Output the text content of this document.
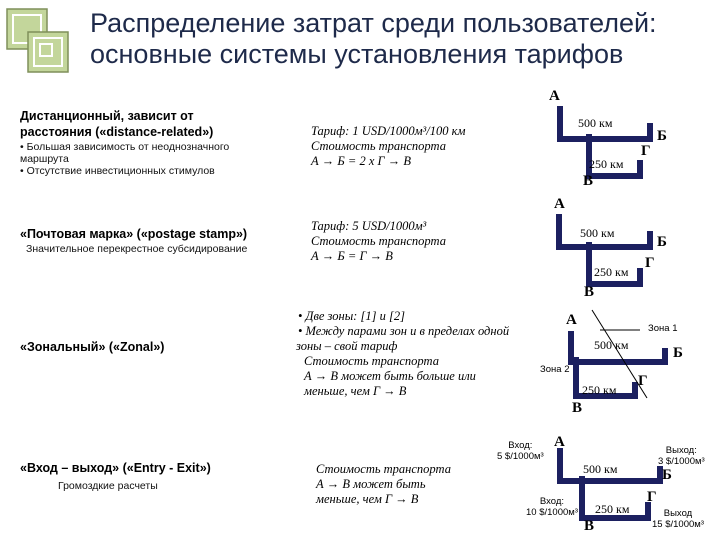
Распределение затрат среди пользователей:
основные системы установления тарифов
Дистанционный, зависит от
расстояния («distance-related»)
• Большая зависимость от неоднозначного
маршрута
• Отсутствие инвестиционных стимулов
Тариф: 1 USD/1000м³/100 км
Стоимость транспорта
А → Б = 2 x Г → В
А
500 км
Б
Г
250 км
В
«Почтовая марка» («postage stamp»)
Значительное перекрестное субсидирование
Тариф: 5 USD/1000м³
Стоимость транспорта
А → Б = Г → В
А
500 км
Б
Г
250 км
В
«Зональный» («Zonal»)
• Две зоны: [1] и [2]
• Между парами зон и в пределах одной
зоны – свой тариф
Стоимость транспорта
А → В может быть больше или
меньше, чем Г → В
А
Зона 1
500 км	Б
Зона 2
Г
250 км
В
«Вход – выход» («Entry - Exit»)
Громоздкие расчеты
Стоимость транспорта
А → В может быть
меньше, чем Г → В
Вход:
5 $/1000м³
А
500 км
Выход:
3 $/1000м³
Б
Г
Вход:
10 $/1000м³ 250 км	Выход
15 $/1000м³
В
